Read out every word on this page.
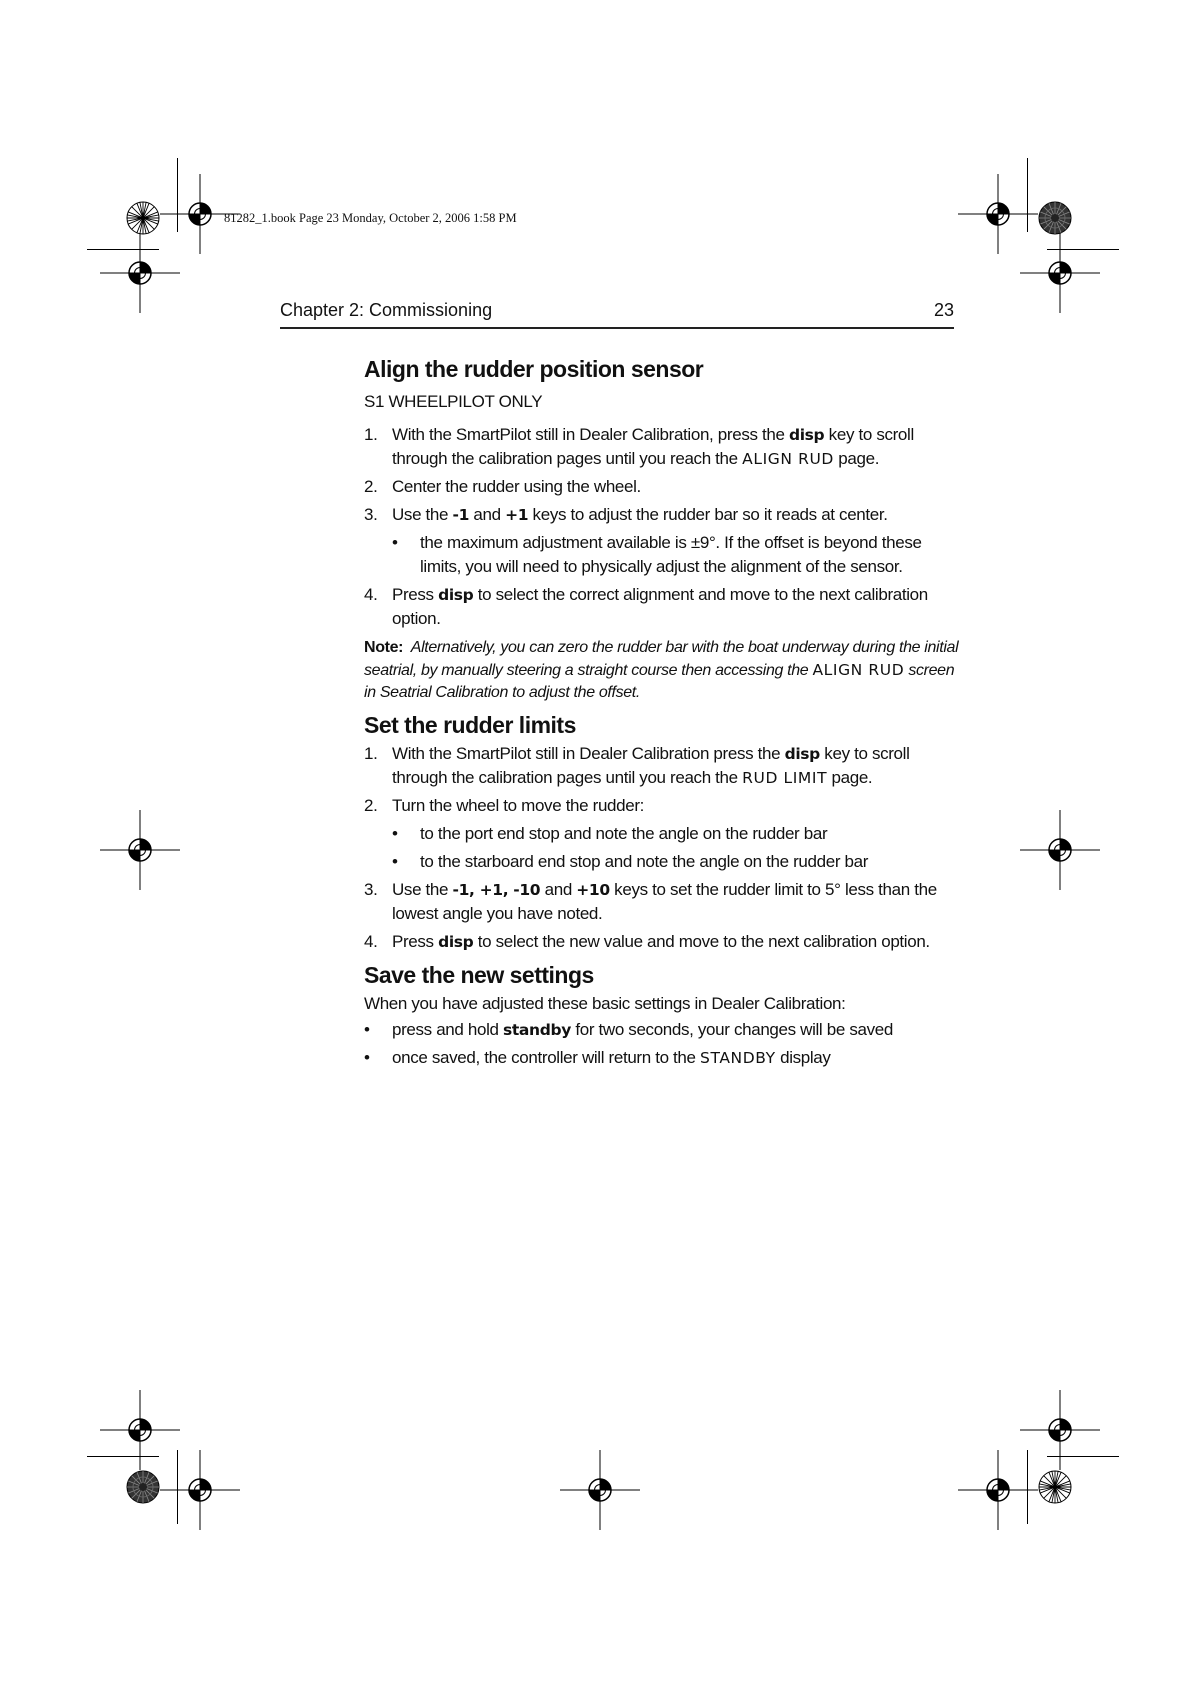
81282_1.book Page 23 Monday, October 2, 2006 1:58 PM
Chapter 2: Commissioning	23
Align the rudder position sensor

S1 WHEELPILOT ONLY

1. With the SmartPilot still in Dealer Calibration, press the disp key to scroll through the calibration pages until you reach the ALIGN RUD page.
2. Center the rudder using the wheel.
3. Use the -1 and +1 keys to adjust the rudder bar so it reads at center.
• the maximum adjustment available is ±9°. If the offset is beyond these limits, you will need to physically adjust the alignment of the sensor.
4. Press disp to select the correct alignment and move to the next calibration option.

Note: Alternatively, you can zero the rudder bar with the boat underway during the initial seatrial, by manually steering a straight course then accessing the ALIGN RUD screen in Seatrial Calibration to adjust the offset.

Set the rudder limits
1. With the SmartPilot still in Dealer Calibration press the disp key to scroll through the calibration pages until you reach the RUD LIMIT page.
2. Turn the wheel to move the rudder:
• to the port end stop and note the angle on the rudder bar
• to the starboard end stop and note the angle on the rudder bar
3. Use the -1, +1, -10 and +10 keys to set the rudder limit to 5° less than the lowest angle you have noted.
4. Press disp to select the new value and move to the next calibration option.
Save the new settings

When you have adjusted these basic settings in Dealer Calibration:

• press and hold standby for two seconds, your changes will be saved
• once saved, the controller will return to the STANDBY display
